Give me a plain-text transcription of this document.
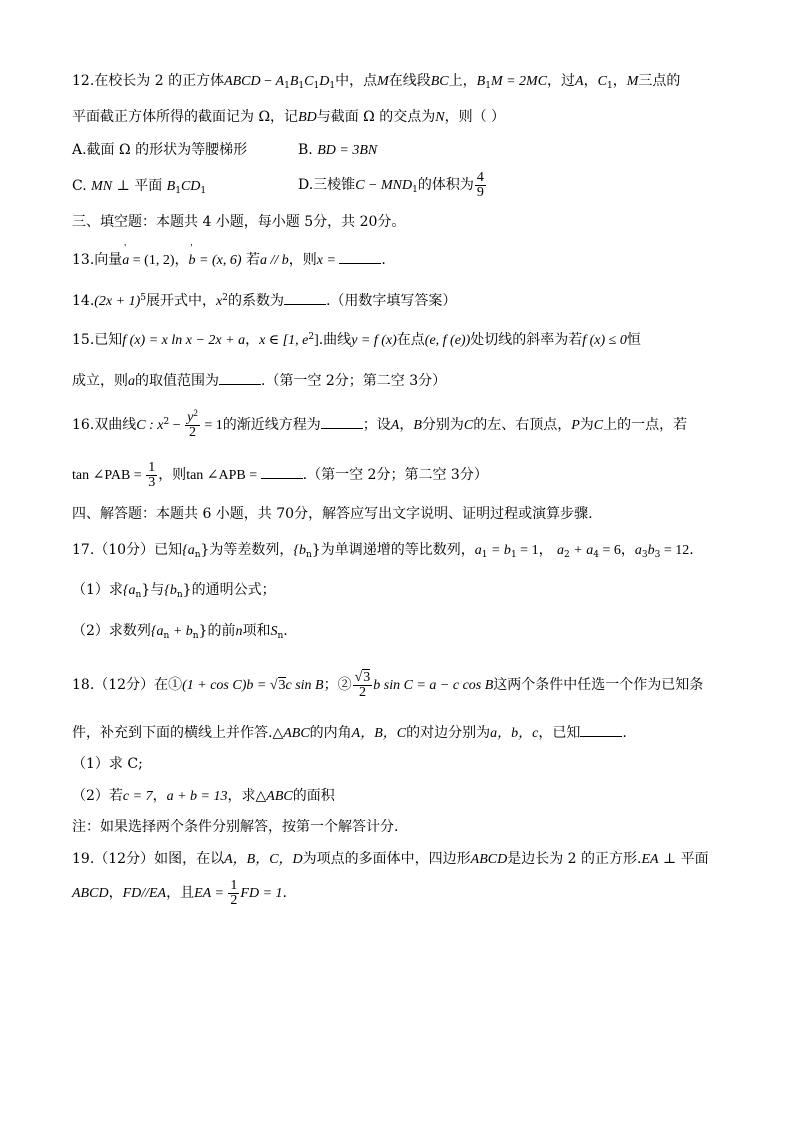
12.在校长为 2 的正方体ABCD − $A_1B_1C_1D_1$中，点M在线段BC上，$B_1M = 2MC$，过A，$C_1$，M三点的
平面截正方体所得的截面记为 Ω，记BD与截面 Ω 的交点为N，则（ ）
A.截面 Ω 的形状为等腰梯形	B. BD = 3BN
C. MN ⊥ 平面 $B_1CD_1$	D.三棱锥$C - MND_1$的体积为 $\frac{4}{9}$
三、填空题：本题共 4 小题，每小题 5分，共 20分。
13.向量' a = (1, 2)，' b = (x, 6) 若a // b，则x =	.
$14.(2x + 1)^5$展开式中，$x^2$的系数为	.（用数字填写答案）
15.已知f (x) = x ln x − 2x + a，x ∈ [1, $e^2$].曲线y = f (x)在点(e, f (e))处切线的斜率为若f (x) ≤ 0恒
成立，则a的取值范围为	.（第一空 2分；第二空 3分）
16.双曲线C : $x^2 - \frac{y^2}{2} = 1$的渐近线方程为	；设A，B分别为C的左、右顶点，P为C上的一点，若
tan ∠PAB = $\frac{1}{3}$ ，则tan ∠APB =	.（第一空 2分；第二空 3分）
四、解答题：本题共 6 小题，共 70分，解答应写出文字说明、证明过程或演算步骤.
17.（10分）已知$\{a_n\}$为等差数列，$\{b_n\}$为单调递增的等比数列，$a_1 = b_1 = 1$， $a_2 + a_4 = 6$，$a_3b_3 = 12$.
（1）求$\{a_n\}$与$\{b_n\}$的通明公式；
（2）求数列$\{a_n + b_n\}$的前n项和$S_n$.
18.（12分）在①(1 + cos C)b = √3c sin B；② $\frac{√3}{2}$ b sin C = a − c cos B这两个条件中任选一个作为已知条
件，补充到下面的横线上并作答.△ABC的内角A，B，C的对边分别为a，b，c，已知	.
（1）求 C;
（2）若c = 7，a + b = 13，求△ABC的面积
注：如果选择两个条件分别解答，按第一个解答计分.
19.（12分）如图，在以A，B，C，D为项点的多面体中，四边形ABCD是边长为 2 的正方形.EA ⊥ 平面
ABCD，FD//EA，且EA = $\frac{1}{2}$ FD = 1.
